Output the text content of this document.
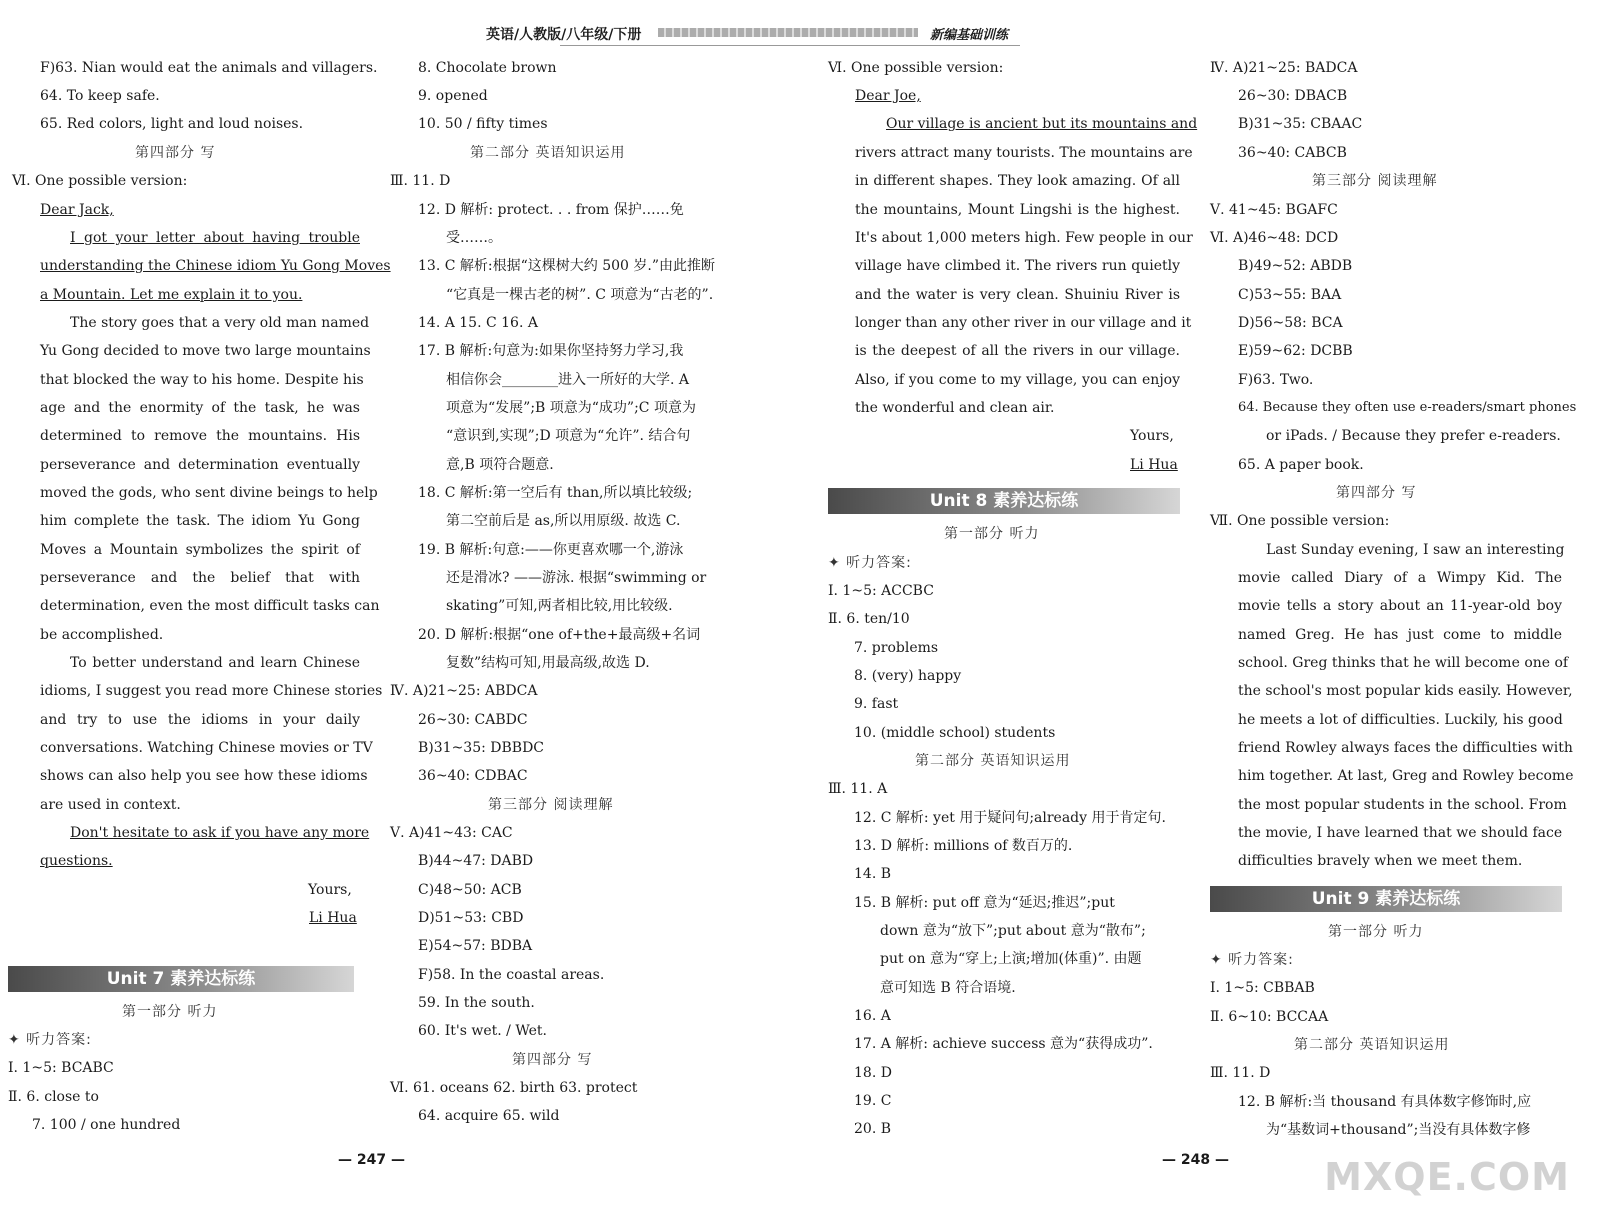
英语/人教版/八年级/下册	新编基础训练
F)63. Nian would eat the animals and villagers.
64. To keep safe.
65. Red colors, light and loud noises.
第四部分 写
Ⅵ. One possible version:
Dear Jack,
I got your letter about having trouble
understanding the Chinese idiom Yu Gong Moves
a Mountain. Let me explain it to you.
The story goes that a very old man named
Yu Gong decided to move two large mountains
that blocked the way to his home. Despite his
age and the enormity of the task, he was
determined to remove the mountains. His
perseverance and determination eventually
moved the gods, who sent divine beings to help
him complete the task. The idiom Yu Gong
Moves a Mountain symbolizes the spirit of
perseverance and the belief that with
determination, even the most difficult tasks can
be accomplished.
To better understand and learn Chinese
idioms, I suggest you read more Chinese stories
and try to use the idioms in your daily
conversations. Watching Chinese movies or TV
shows can also help you see how these idioms
are used in context.
Don't hesitate to ask if you have any more
questions.
Yours,
Li Hua
Unit 7 素养达标练
第一部分 听力
✦ 听力答案:
Ⅰ. 1~5: BCABC
Ⅱ. 6. close to
7. 100 / one hundred
8. Chocolate brown
9. opened
10. 50 / fifty times
第二部分 英语知识运用
Ⅲ. 11. D
12. D 解析: protect. . . from 保护……免
受……。
13. C 解析:根据“这棵树大约 500 岁.”由此推断
“它真是一棵古老的树”. C 项意为“古老的”.
14. A 15. C 16. A
17. B 解析:句意为:如果你坚持努力学习,我
相信你会________进入一所好的大学. A
项意为“发展”;B 项意为“成功”;C 项意为
“意识到,实现”;D 项意为“允许”. 结合句
意,B 项符合题意.
18. C 解析:第一空后有 than,所以填比较级;
第二空前后是 as,所以用原级. 故选 C.
19. B 解析:句意:——你更喜欢哪一个,游泳
还是滑冰? ——游泳. 根据“swimming or
skating”可知,两者相比较,用比较级.
20. D 解析:根据“one of+the+最高级+名词
复数”结构可知,用最高级,故选 D.
Ⅳ. A)21~25: ABDCA
26~30: CABDC
B)31~35: DBBDC
36~40: CDBAC
第三部分 阅读理解
Ⅴ. A)41~43: CAC
B)44~47: DABD
C)48~50: ACB
D)51~53: CBD
E)54~57: BDBA
F)58. In the coastal areas.
59. In the south.
60. It's wet. / Wet.
第四部分 写
Ⅵ. 61. oceans 62. birth 63. protect
64. acquire 65. wild
Ⅵ. One possible version:
Dear Joe,
Our village is ancient but its mountains and
rivers attract many tourists. The mountains are
in different shapes. They look amazing. Of all
the mountains, Mount Lingshi is the highest.
It's about 1,000 meters high. Few people in our
village have climbed it. The rivers run quietly
and the water is very clean. Shuiniu River is
longer than any other river in our village and it
is the deepest of all the rivers in our village.
Also, if you come to my village, you can enjoy
the wonderful and clean air.
Yours,
Li Hua
Unit 8 素养达标练
第一部分 听力
✦ 听力答案:
Ⅰ. 1~5: ACCBC
Ⅱ. 6. ten/10
7. problems
8. (very) happy
9. fast
10. (middle school) students
第二部分 英语知识运用
Ⅲ. 11. A
12. C 解析: yet 用于疑问句;already 用于肯定句.
13. D 解析: millions of 数百万的.
14. B
15. B 解析: put off 意为“延迟;推迟”;put
down 意为“放下”;put about 意为“散布”;
put on 意为“穿上;上演;增加(体重)”. 由题
意可知选 B 符合语境.
16. A
17. A 解析: achieve success 意为“获得成功”.
18. D
19. C
20. B
Ⅳ. A)21~25: BADCA
26~30: DBACB
B)31~35: CBAAC
36~40: CABCB
第三部分 阅读理解
Ⅴ. 41~45: BGAFC
Ⅵ. A)46~48: DCD
B)49~52: ABDB
C)53~55: BAA
D)56~58: BCA
E)59~62: DCBB
F)63. Two.
64. Because they often use e-readers/smart phones
or iPads. / Because they prefer e-readers.
65. A paper book.
第四部分 写
Ⅶ. One possible version:
Last Sunday evening, I saw an interesting
movie called Diary of a Wimpy Kid. The
movie tells a story about an 11-year-old boy
named Greg. He has just come to middle
school. Greg thinks that he will become one of
the school's most popular kids easily. However,
he meets a lot of difficulties. Luckily, his good
friend Rowley always faces the difficulties with
him together. At last, Greg and Rowley become
the most popular students in the school. From
the movie, I have learned that we should face
difficulties bravely when we meet them.
Unit 9 素养达标练
第一部分 听力
✦ 听力答案:
Ⅰ. 1~5: CBBAB
Ⅱ. 6~10: BCCAA
第二部分 英语知识运用
Ⅲ. 11. D
12. B 解析:当 thousand 有具体数字修饰时,应
为“基数词+thousand”;当没有具体数字修
— 247 —	— 248 —	MXQE.COM
